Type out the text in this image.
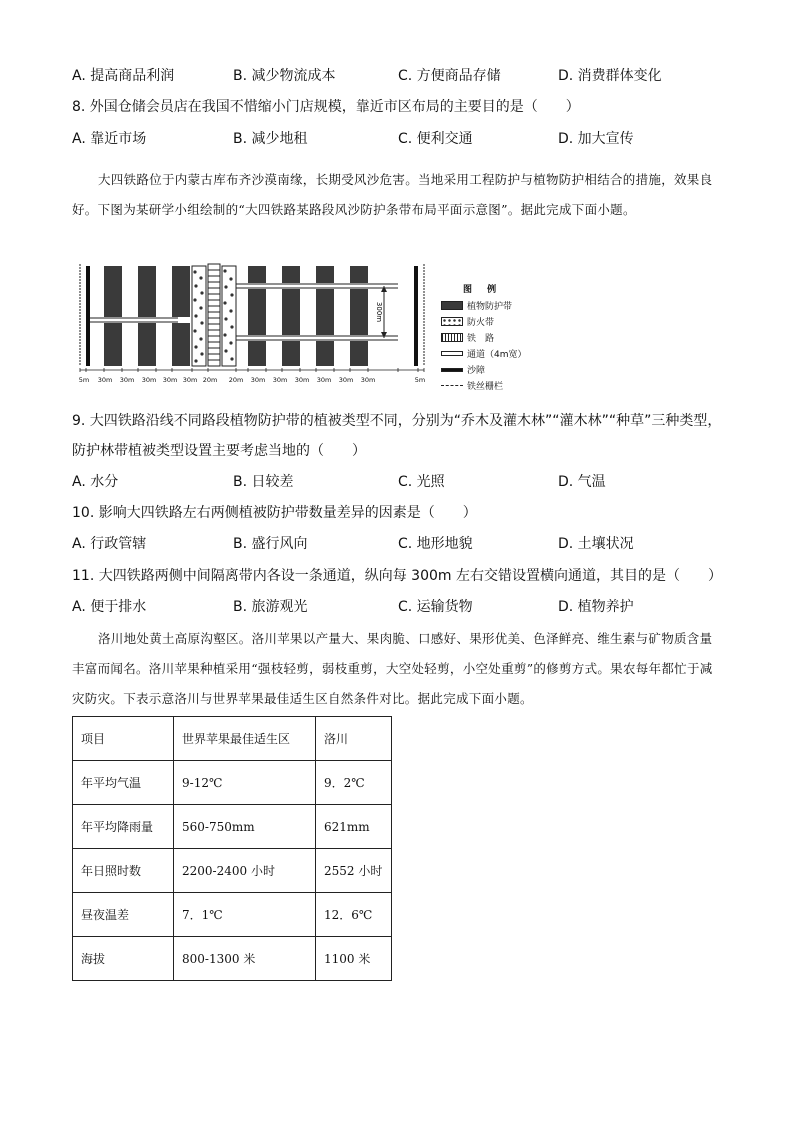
A. 提高商品利润	B. 减少物流成本	C. 方便商品存储	D. 消费群体变化
8. 外国仓储会员店在我国不惜缩小门店规模，靠近市区布局的主要目的是（　　）
A. 靠近市场	B. 减少地租	C. 便利交通	D. 加大宣传
大四铁路位于内蒙古库布齐沙漠南缘，长期受风沙危害。当地采用工程防护与植物防护相结合的措施，效果良好。下图为某研学小组绘制的“大四铁路某路段风沙防护条带布局平面示意图”。据此完成下面小题。
300m
5m 30m 30m 30m 30m 30m 20m 20m 30m 30m 30m 30m 30m 30m	5m
图 例
植物防护带
防火带
铁　路
通道（4m宽）
沙障
铁丝栅栏
9. 大四铁路沿线不同路段植物防护带的植被类型不同，分别为“乔木及灌木林”“灌木林”“种草”三种类型，防护林带植被类型设置主要考虑当地的（　　）
A. 水分	B. 日较差	C. 光照	D. 气温
10. 影响大四铁路左右两侧植被防护带数量差异的因素是（　　）
A. 行政管辖	B. 盛行风向	C. 地形地貌	D. 土壤状况
11. 大四铁路两侧中间隔离带内各设一条通道，纵向每 300m 左右交错设置横向通道，其目的是（　　）
A. 便于排水	B. 旅游观光	C. 运输货物	D. 植物养护
洛川地处黄土高原沟壑区。洛川苹果以产量大、果肉脆、口感好、果形优美、色泽鲜亮、维生素与矿物质含量丰富而闻名。洛川苹果种植采用“强枝轻剪，弱枝重剪，大空处轻剪，小空处重剪”的修剪方式。果农每年都忙于减灾防灾。下表示意洛川与世界苹果最佳适生区自然条件对比。据此完成下面小题。
项目	世界苹果最佳适生区	洛川
年平均气温	9-12℃	9．2℃
年平均降雨量	560-750mm	621mm
年日照时数	2200-2400 小时	2552 小时
昼夜温差	7．1℃	12．6℃
海拔	800-1300 米	1100 米
